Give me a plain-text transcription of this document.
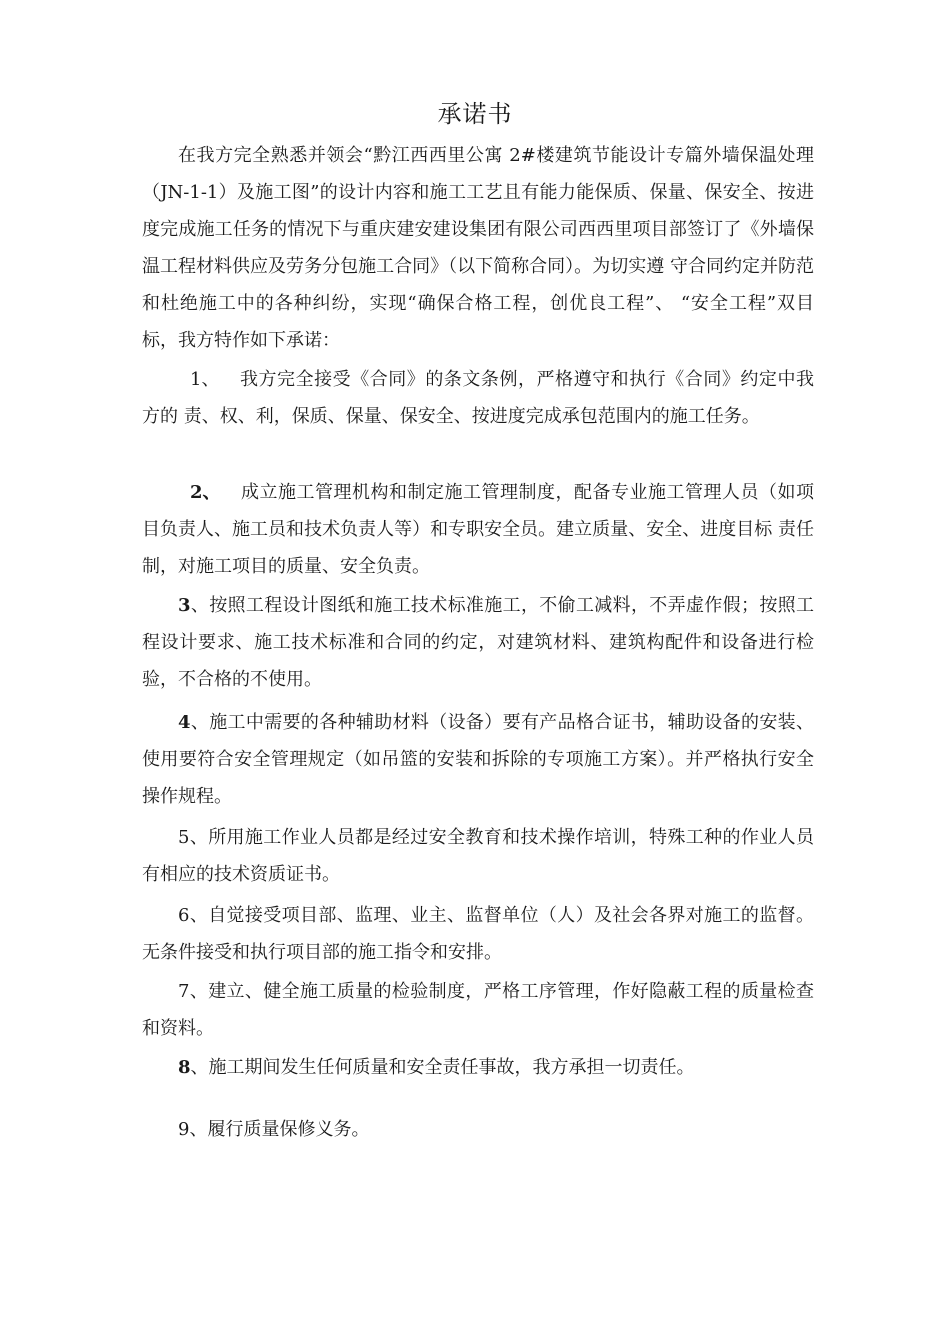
承诺书

在我方完全熟悉并领会“黔江西西里公寓 2#楼建筑节能设计专篇外墙保温处理（JN-1-1）及施工图”的设计内容和施工工艺且有能力能保质、保量、保安全、按进度完成施工任务的情况下与重庆建安建设集团有限公司西西里项目部签订了《外墙保温工程材料供应及劳务分包施工合同》（以下简称合同）。为切实遵 守合同约定并防范和杜绝施工中的各种纠纷，实现“确保合格工程，创优良工程”、 “安全工程”双目标，我方特作如下承诺：

1、 我方完全接受《合同》的条文条例，严格遵守和执行《合同》约定中我方的 责、权、利，保质、保量、保安全、按进度完成承包范围内的施工任务。

2、 成立施工管理机构和制定施工管理制度，配备专业施工管理人员（如项 目负责人、施工员和技术负责人等）和专职安全员。建立质量、安全、进度目标 责任制，对施工项目的质量、安全负责。

3、按照工程设计图纸和施工技术标准施工，不偷工减料，不弄虚作假；按照工程设计要求、施工技术标准和合同的约定，对建筑材料、建筑构配件和设备进行检验，不合格的不使用。

4、施工中需要的各种辅助材料（设备）要有产品格合证书，辅助设备的安装、使用要符合安全管理规定（如吊篮的安装和拆除的专项施工方案）。并严格执行安全操作规程。

5、所用施工作业人员都是经过安全教育和技术操作培训，特殊工种的作业人员有相应的技术资质证书。

6、自觉接受项目部、监理、业主、监督单位（人）及社会各界对施工的监督。无条件接受和执行项目部的施工指令和安排。

7、建立、健全施工质量的检验制度，严格工序管理，作好隐蔽工程的质量检查和资料。

8、施工期间发生任何质量和安全责任事故，我方承担一切责任。

9、履行质量保修义务。
